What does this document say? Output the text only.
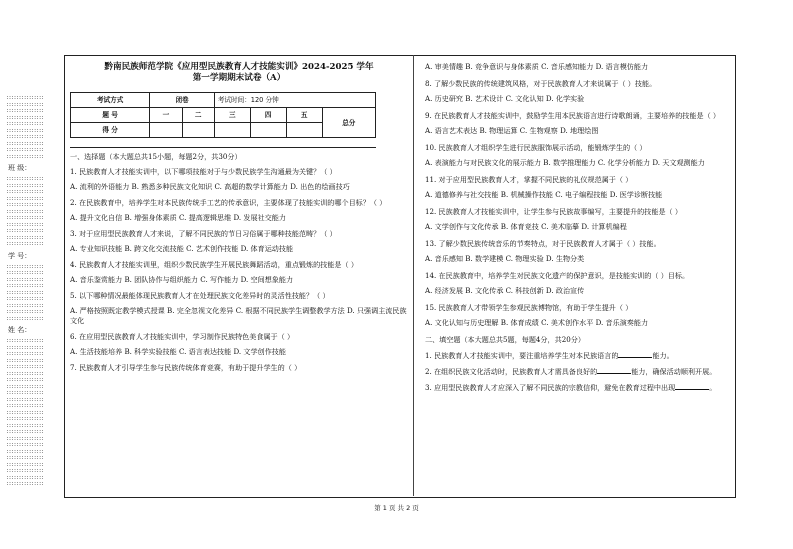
:::::::::::::::
:::::::::::::::
:::::::::::::::
:::::::::::::::
:::::::::::::::
:::::::::::::::
:::::::::::::::
:::::::::::::::
:::::::::::::::
:::::::::::::::
班 级：
:::::::::::::::
:::::::::::::::
:::::::::::::::
:::::::::::::::
:::::::::::::::
:::::::::::::::
:::::::::::::::
:::::::::::::::
:::::::::::::::
:::::::::::::::
:::::::::::::::
学 号：
:::::::::::::::
:::::::::::::::
:::::::::::::::
:::::::::::::::
:::::::::::::::
:::::::::::::::
:::::::::::::::
:::::::::::::::
:::::::::::::::
姓 名：
:::::::::::::::
:::::::::::::::
:::::::::::::::
:::::::::::::::
:::::::::::::::
:::::::::::::::
:::::::::::::::
:::::::::::::::
:::::::::::::::
:::::::::::::::
:::::::::::::::
:::::::::::::::
:::::::::::::::
:::::::::::::::
:::::::::::::::
:::::::::::::::
:::::::::::::::
:::::::::::::::
:::::::::::::::
:::::::::::::::
:::::::::::::::
:::::::::::::::
:::::::::::::::
黔南民族师范学院《应用型民族教育人才技能实训》2024-2025 学年
第一学期期末试卷（A）
考试方式	闭卷		考试时间：120 分钟			
题 号	一	二	三	四	五	总分
得 分						
一、选择题（本大题总共15小题，每题2分，共30分）
1. 民族教育人才技能实训中，以下哪项技能对于与少数民族学生沟通最为关键？（ ）
A. 流利的外语能力 B. 熟悉多种民族文化知识 C. 高超的数学计算能力 D. 出色的绘画技巧
2. 在民族教育中，培养学生对本民族传统手工艺的传承意识，主要体现了技能实训的哪个目标？（ ）
A. 提升文化自信 B. 增强身体素质 C. 提高逻辑思维 D. 发展社交能力
3. 对于应用型民族教育人才来说，了解不同民族的节日习俗属于哪种技能范畴？（ ）
A. 专业知识技能 B. 跨文化交流技能 C. 艺术创作技能 D. 体育运动技能
4. 民族教育人才技能实训里，组织少数民族学生开展民族舞蹈活动，重点锻炼的技能是（ ）
A. 音乐鉴赏能力 B. 团队协作与组织能力 C. 写作能力 D. 空间想象能力
5. 以下哪种情况最能体现民族教育人才在处理民族文化差异时的灵活性技能？（ ）
A. 严格按照既定教学模式授课 B. 完全忽视文化差异 C. 根据不同民族学生调整教学方法 D. 只强调主流民族文化
6. 在应用型民族教育人才技能实训中，学习制作民族特色美食属于（ ）
A. 生活技能培养 B. 科学实验技能 C. 语言表达技能 D. 文学创作技能
7. 民族教育人才引导学生参与民族传统体育竞赛，有助于提升学生的（ ）
A. 审美情趣 B. 竞争意识与身体素质 C. 音乐感知能力 D. 语言模仿能力
8. 了解少数民族的传统建筑风格，对于民族教育人才来说属于（ ）技能。
A. 历史研究 B. 艺术设计 C. 文化认知 D. 化学实验
9. 在民族教育人才技能实训中，鼓励学生用本民族语言进行诗歌朗诵，主要培养的技能是（ ）
A. 语言艺术表达 B. 物理运算 C. 生物观察 D. 地理绘图
10. 民族教育人才组织学生进行民族服饰展示活动，能锻炼学生的（ ）
A. 表演能力与对民族文化的展示能力 B. 数学推理能力 C. 化学分析能力 D. 天文观测能力
11. 对于应用型民族教育人才，掌握不同民族的礼仪规范属于（ ）
A. 道德修养与社交技能 B. 机械操作技能 C. 电子编程技能 D. 医学诊断技能
12. 民族教育人才技能实训中，让学生参与民族故事编写，主要提升的技能是（ ）
A. 文学创作与文化传承 B. 体育竞技 C. 美术临摹 D. 计算机编程
13. 了解少数民族传统音乐的节奏特点，对于民族教育人才属于（ ）技能。
A. 音乐感知 B. 数学建模 C. 物理实验 D. 生物分类
14. 在民族教育中，培养学生对民族文化遗产的保护意识，是技能实训的（ ）目标。
A. 经济发展 B. 文化传承 C. 科技创新 D. 政治宣传
15. 民族教育人才带领学生参观民族博物馆，有助于学生提升（ ）
A. 文化认知与历史理解 B. 体育成绩 C. 美术创作水平 D. 音乐演奏能力
二、填空题（本大题总共5题，每题4分，共20分）
1. 民族教育人才技能实训中，要注重培养学生对本民族语言的	能力。
2. 在组织民族文化活动时，民族教育人才需具备良好的	能力，确保活动顺利开展。
3. 应用型民族教育人才应深入了解不同民族的宗教信仰，避免在教育过程中出现	。
第 1 页 共 2 页
